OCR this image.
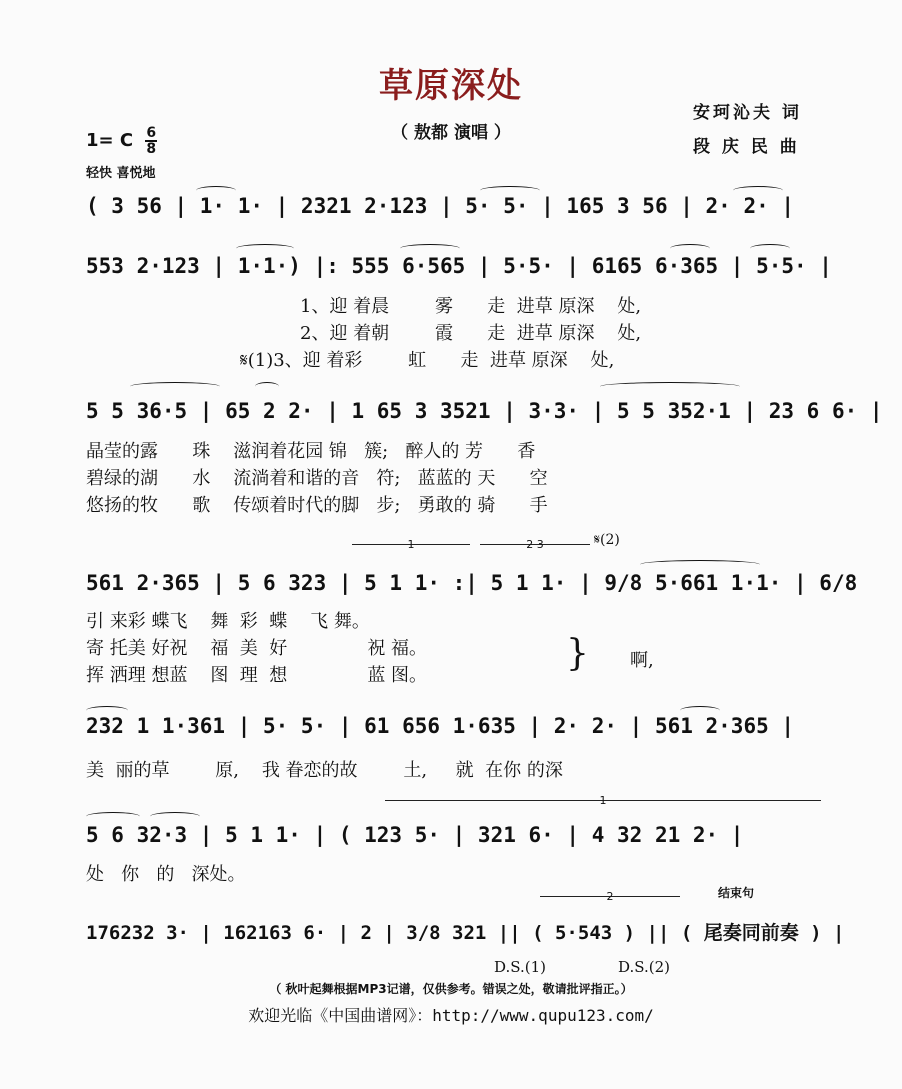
草原深处
（ 敖都 演唱 ）
安珂沁夫 词
段 庆 民 曲
1= C $\frac{6}{8}$
轻快 喜悦地
( 3 56 | 1· 1· | 2321 2·123 | 5· 5· | 165 3 56 | 2· 2· |
553 2·123 | 1·1·) |: 555 6·565 | 5·5· | 6165 6·365 | 5·5· |
1、迎 着晨        雾      走  进草 原深    处,
2、迎 着朝        霞      走  进草 原深    处,
𝄋(1)3、迎 着彩        虹      走  进草 原深    处,
5 5 36·5 | 65 2 2· | 1 65 3 3521 | 3·3· | 5 5 352·1 | 23 6 6· |
晶莹的露      珠    滋润着花园 锦   簇;   醉人的 芳      香
碧绿的湖      水    流淌着和谐的音   符;   蓝蓝的 天      空
悠扬的牧      歌    传颂着时代的脚   步;   勇敢的 骑      手
1	2 3	𝄋(2)
561 2·365 | 5 6 323 | 5 1 1· :| 5 1 1· | 9/8 5·661 1·1· | 6/8
引 来彩 蝶飞    舞  彩  蝶    飞 舞。
寄 托美 好祝    福  美  好              祝 福。
挥 洒理 想蓝    图  理  想              蓝 图。
} 啊,
232 1 1·361 | 5· 5· | 61 656 1·635 | 2· 2· | 561 2·365 |
美  丽的草        原,    我 眷恋的故        土,     就  在你 的深
1
5 6 32·3 | 5 1 1· | ( 123 5· | 321 6· | 4 32 21 2· |
处   你   的   深处。
2	结束句
176232 3· | 162163 6· | 2 | 3/8 321 || ( 5·543 ) || ( 尾奏同前奏 ) |
D.S.(1)	D.S.(2)
（ 秋叶起舞根据MP3记谱，仅供参考。错误之处，敬请批评指正。）
欢迎光临《中国曲谱网》：http://www.qupu123.com/
